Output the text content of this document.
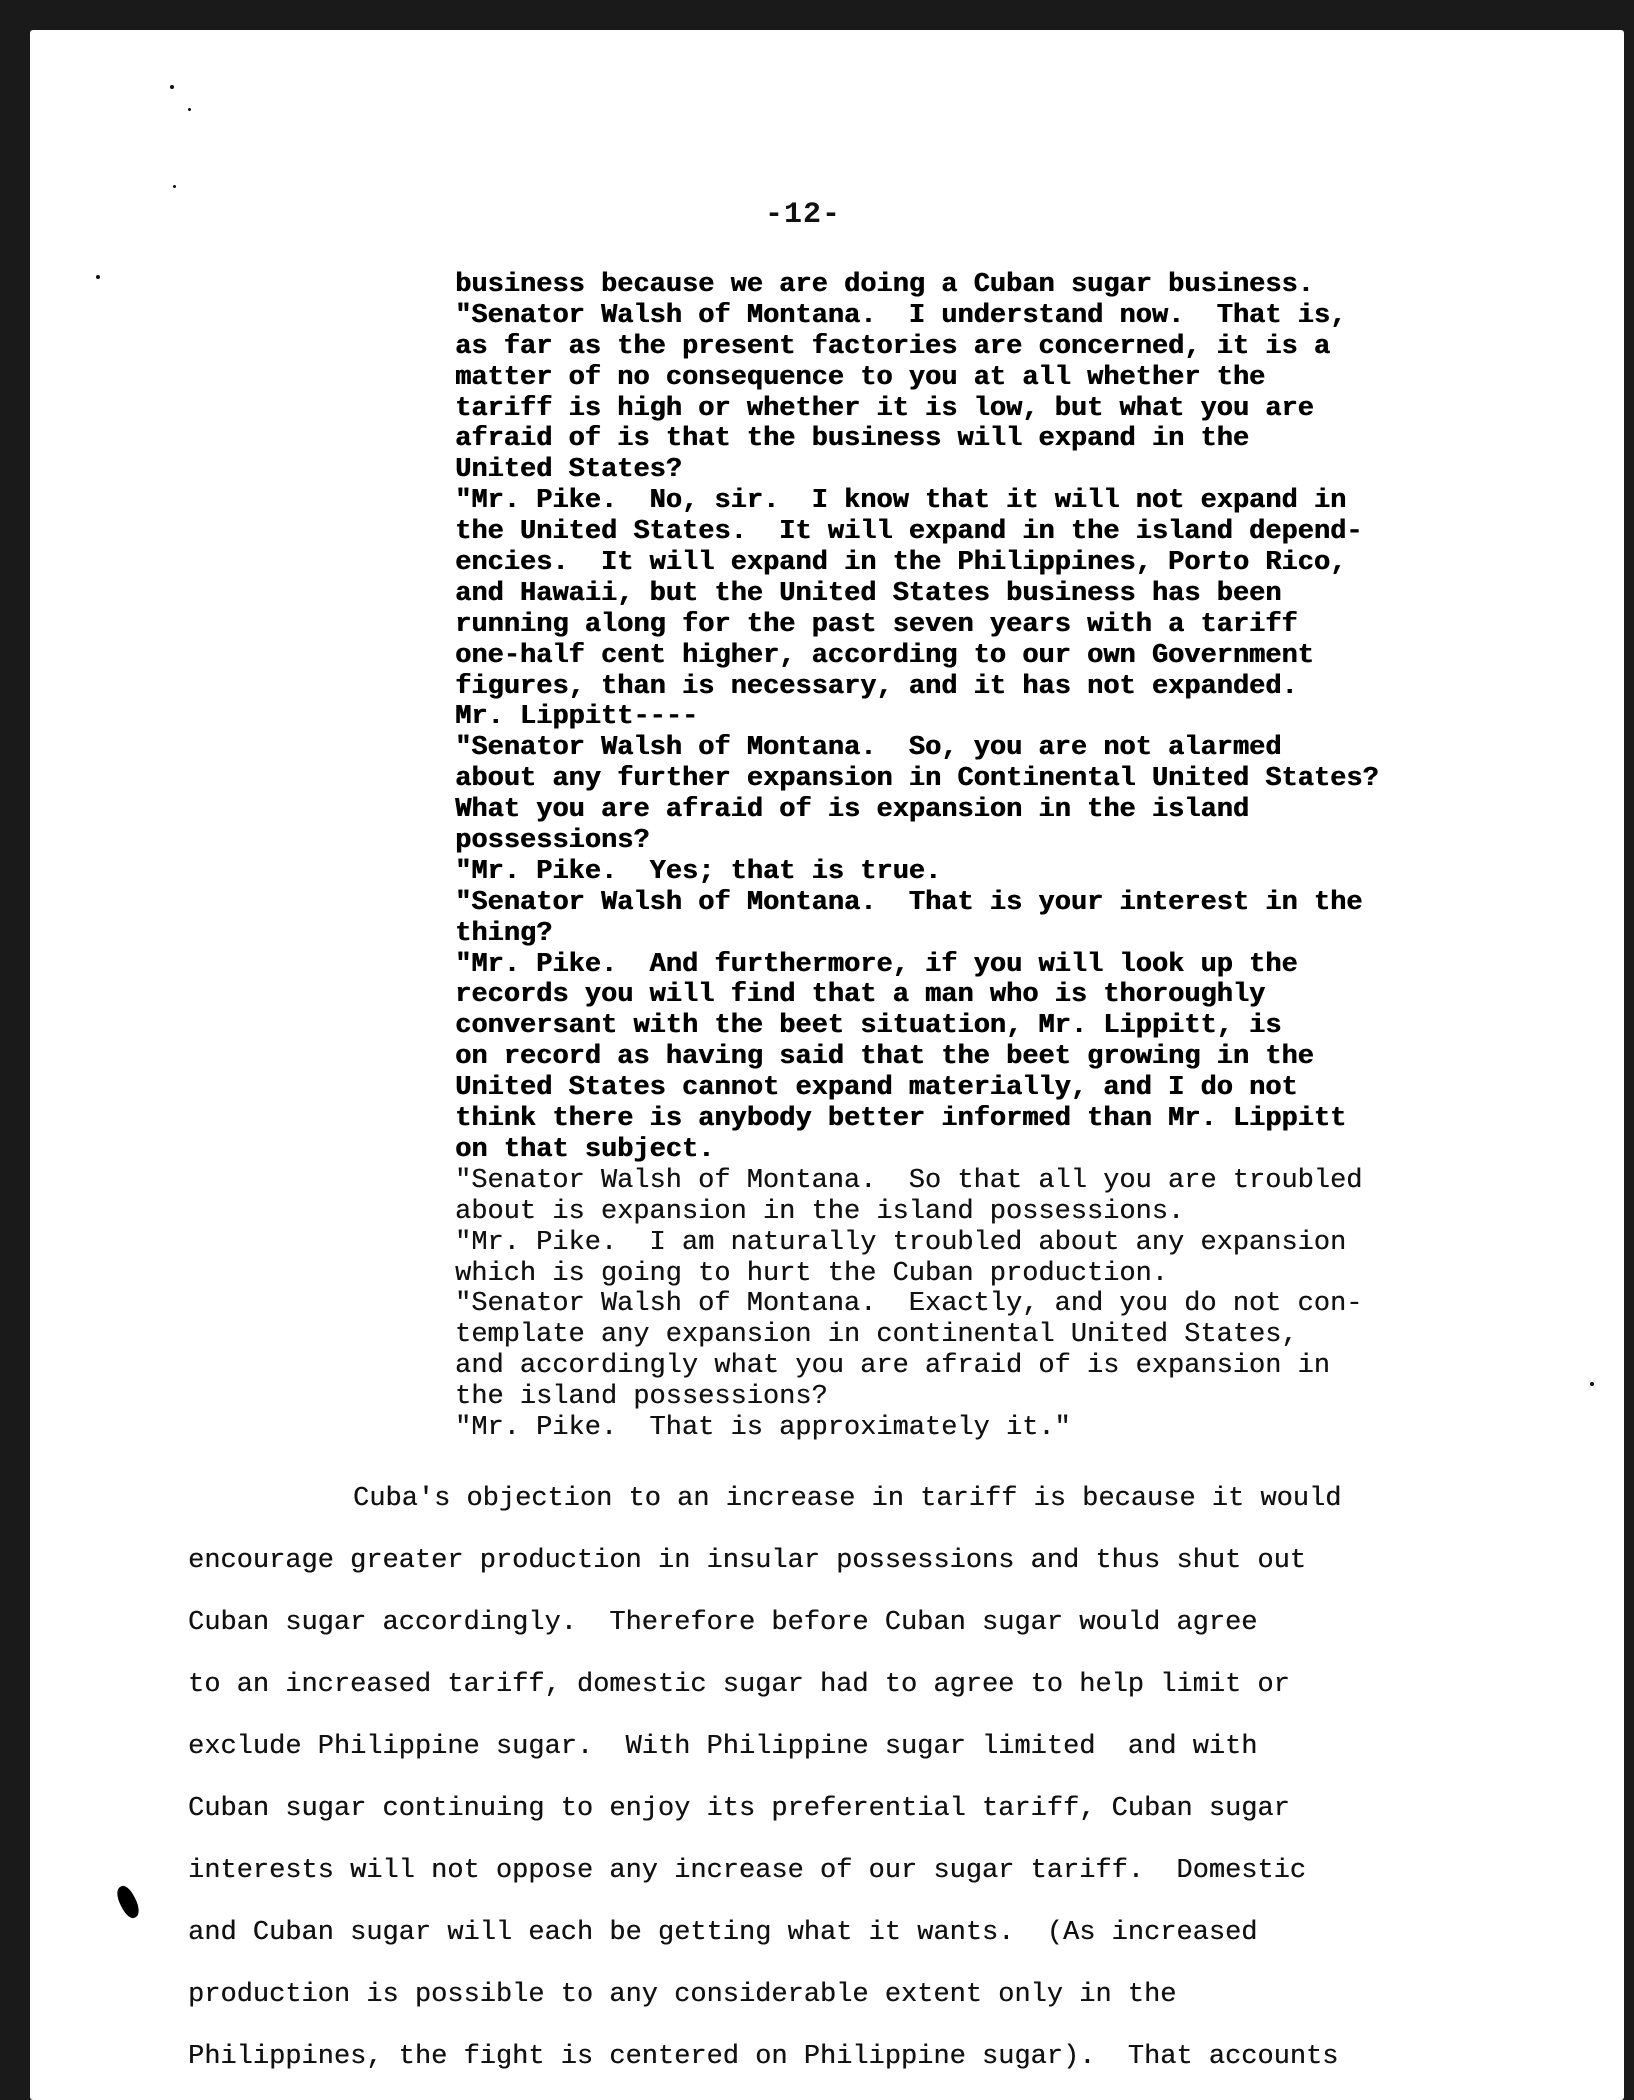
-12-
business because we are doing a Cuban sugar business.
"Senator Walsh of Montana.  I understand now.  That is,
as far as the present factories are concerned, it is a
matter of no consequence to you at all whether the
tariff is high or whether it is low, but what you are
afraid of is that the business will expand in the
United States?
"Mr. Pike.  No, sir.  I know that it will not expand in
the United States.  It will expand in the island depend-
encies.  It will expand in the Philippines, Porto Rico,
and Hawaii, but the United States business has been
running along for the past seven years with a tariff
one-half cent higher, according to our own Government
figures, than is necessary, and it has not expanded.
Mr. Lippitt----
"Senator Walsh of Montana.  So, you are not alarmed
about any further expansion in Continental United States?
What you are afraid of is expansion in the island
possessions?
"Mr. Pike.  Yes; that is true.
"Senator Walsh of Montana.  That is your interest in the
thing?
"Mr. Pike.  And furthermore, if you will look up the
records you will find that a man who is thoroughly
conversant with the beet situation, Mr. Lippitt, is
on record as having said that the beet growing in the
United States cannot expand materially, and I do not
think there is anybody better informed than Mr. Lippitt
on that subject.
"Senator Walsh of Montana.  So that all you are troubled
about is expansion in the island possessions.
"Mr. Pike.  I am naturally troubled about any expansion
which is going to hurt the Cuban production.
"Senator Walsh of Montana.  Exactly, and you do not con-
template any expansion in continental United States,
and accordingly what you are afraid of is expansion in
the island possessions?
"Mr. Pike.  That is approximately it."
Cuba's objection to an increase in tariff is because it would
encourage greater production in insular possessions and thus shut out
Cuban sugar accordingly.  Therefore before Cuban sugar would agree
to an increased tariff, domestic sugar had to agree to help limit or
exclude Philippine sugar.  With Philippine sugar limited  and with
Cuban sugar continuing to enjoy its preferential tariff, Cuban sugar
interests will not oppose any increase of our sugar tariff.  Domestic
and Cuban sugar will each be getting what it wants.  (As increased
production is possible to any considerable extent only in the
Philippines, the fight is centered on Philippine sugar).  That accounts
